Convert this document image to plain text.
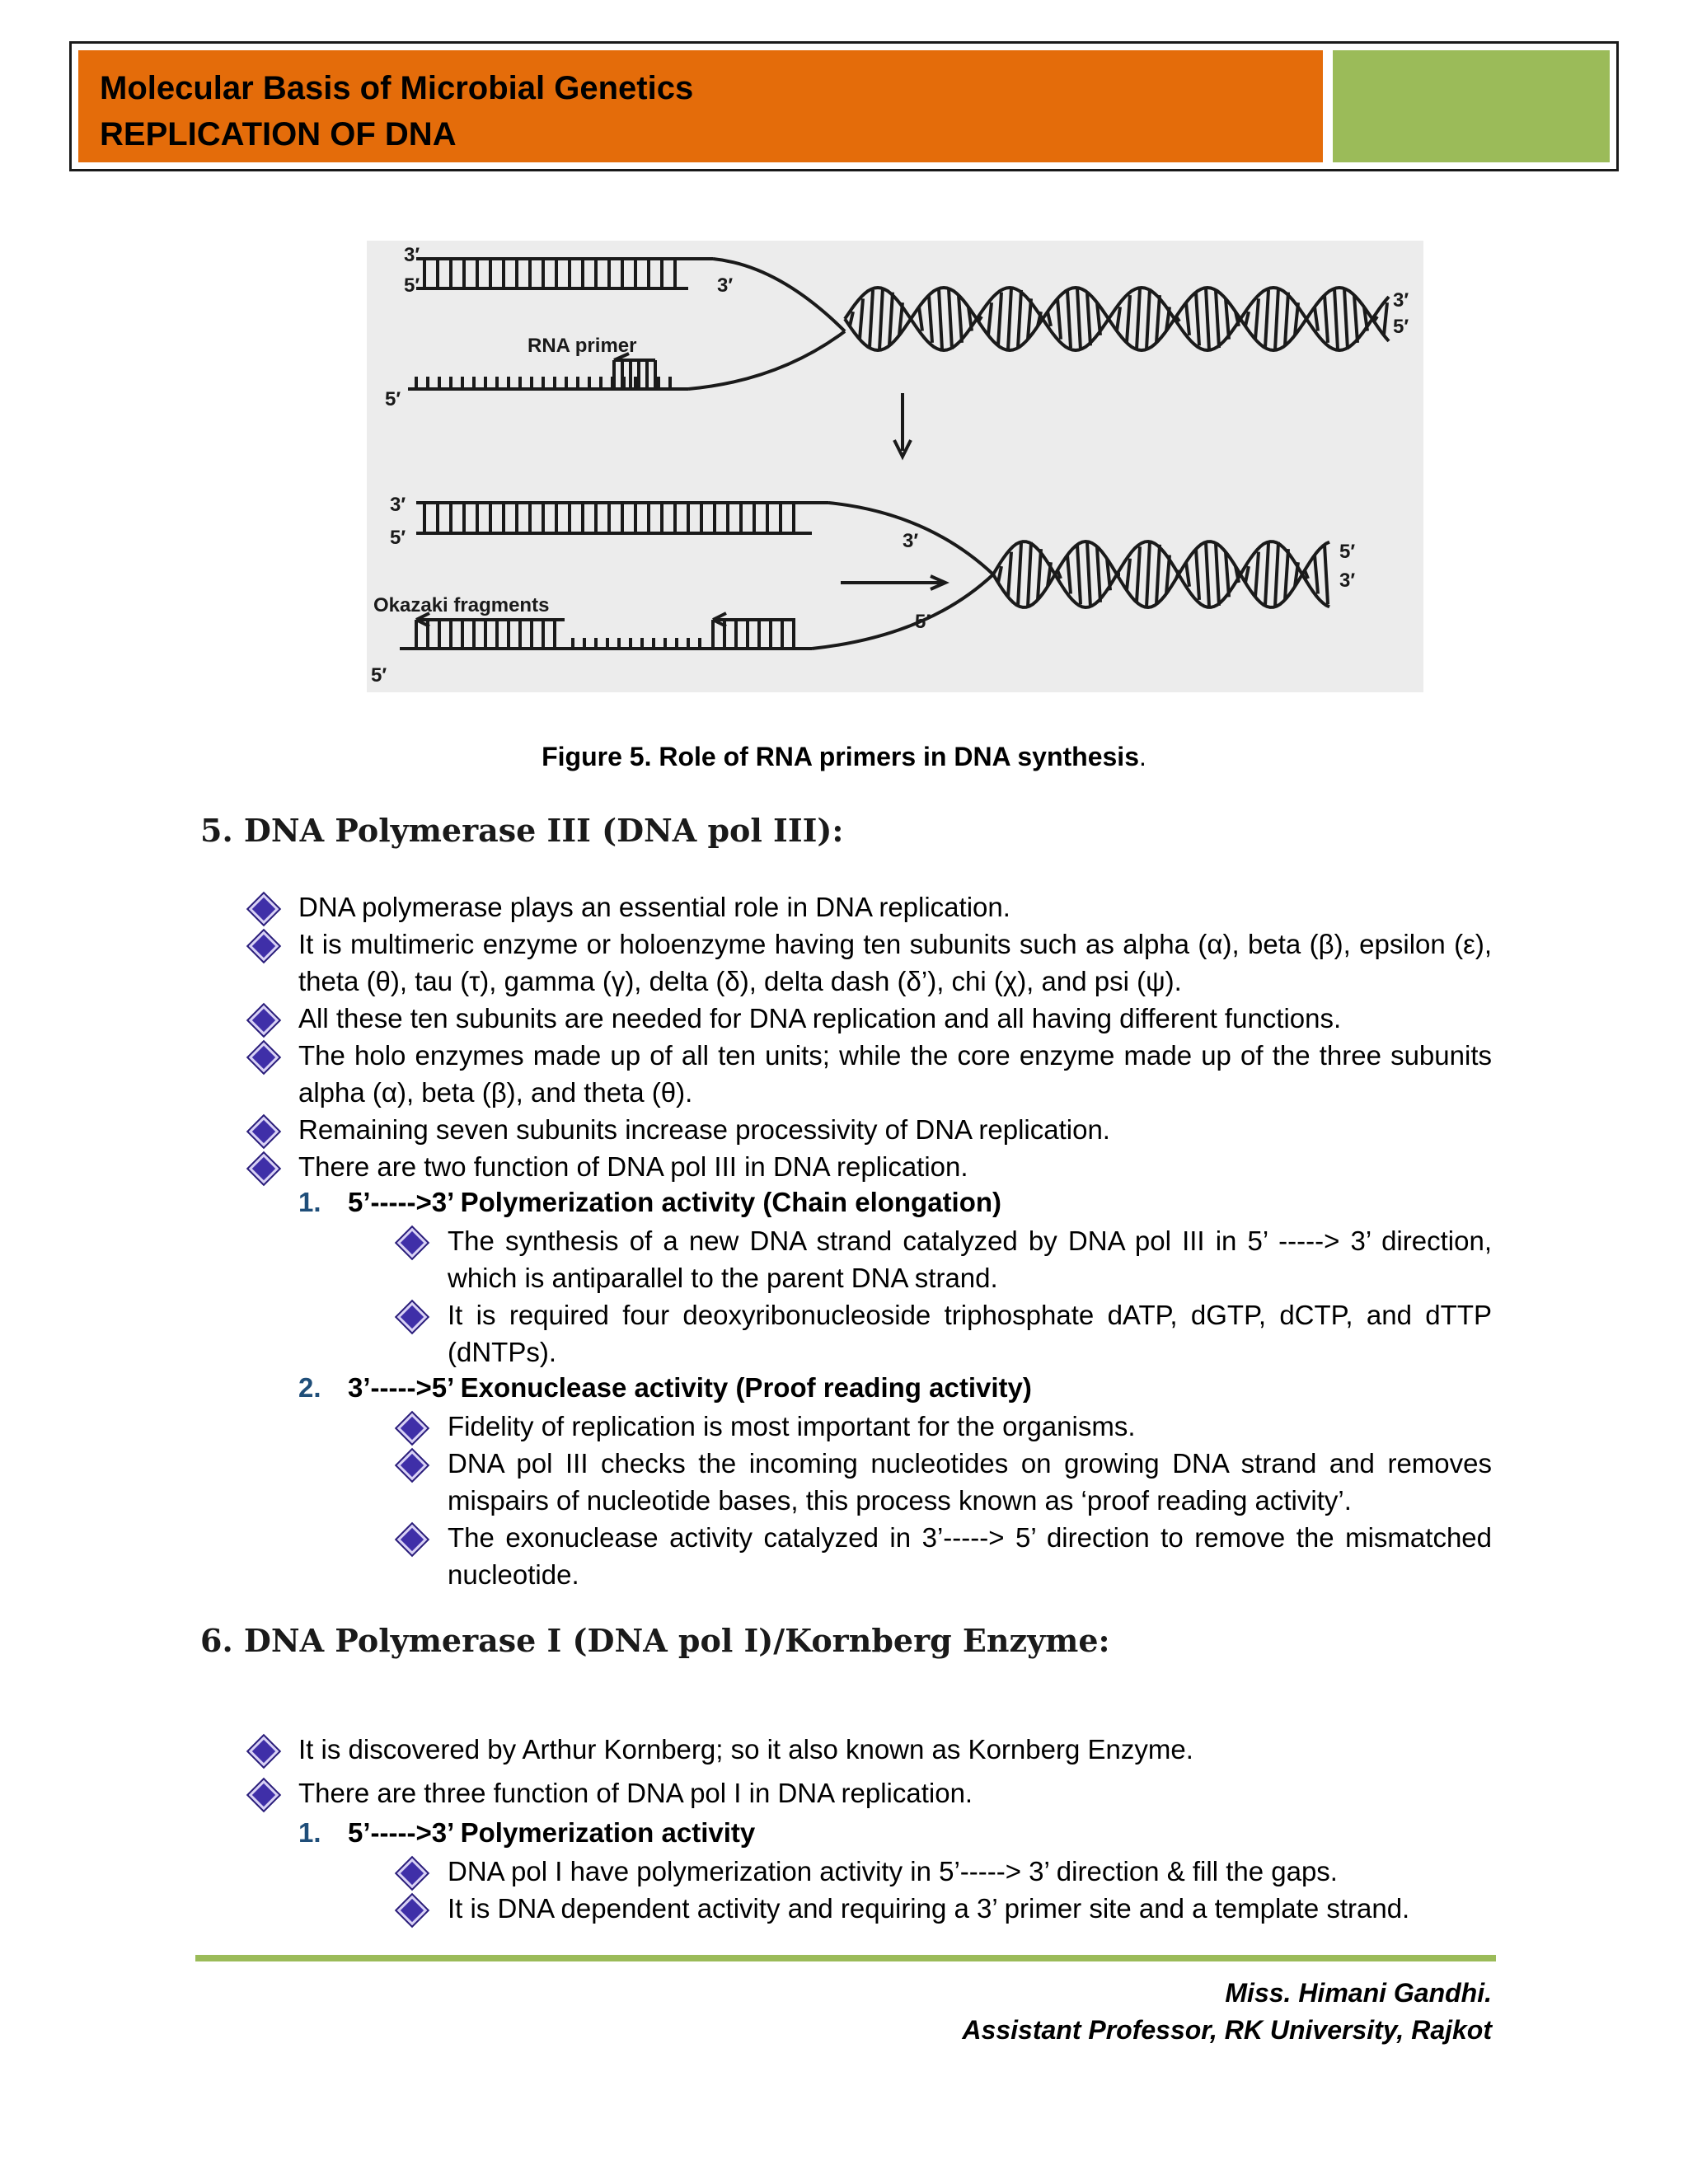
Molecular Basis of Microbial Genetics
REPLICATION OF DNA
3′
5′	3′
RNA primer
5′
3′
5′
3′
5′	3′	5′
3′
Okazaki fragments
5′
5′
Figure 5. Role of RNA primers in DNA synthesis.
5. DNA Polymerase III (DNA pol III):
DNA polymerase plays an essential role in DNA replication.
It is multimeric enzyme or holoenzyme having ten subunits such as alpha (α), beta (β), epsilon (ε), theta (θ), tau (τ), gamma (γ), delta (δ), delta dash (δ’), chi (χ), and psi (ψ).
All these ten subunits are needed for DNA replication and all having different functions.
The holo enzymes made up of all ten units; while the core enzyme made up of the three subunits alpha (α), beta (β), and theta (θ).
Remaining seven subunits increase processivity of DNA replication.
There are two function of DNA pol III in DNA replication.
1. 5’----->3’ Polymerization activity (Chain elongation)
The synthesis of a new DNA strand catalyzed by DNA pol III in 5’ -----> 3’ direction, which is antiparallel to the parent DNA strand.
It is required four deoxyribonucleoside triphosphate dATP, dGTP, dCTP, and dTTP (dNTPs).
2. 3’----->5’ Exonuclease activity (Proof reading activity)
Fidelity of replication is most important for the organisms.
DNA pol III checks the incoming nucleotides on growing DNA strand and removes mispairs of nucleotide bases, this process known as ‘proof reading activity’.
The exonuclease activity catalyzed in 3’-----> 5’ direction to remove the mismatched nucleotide.
6. DNA Polymerase I (DNA pol I)/Kornberg Enzyme:
It is discovered by Arthur Kornberg; so it also known as Kornberg Enzyme.
There are three function of DNA pol I in DNA replication.
1. 5’----->3’ Polymerization activity
DNA pol I have polymerization activity in 5’-----> 3’ direction & fill the gaps.
It is DNA dependent activity and requiring a 3’ primer site and a template strand.
Miss. Himani Gandhi.
Assistant Professor, RK University, Rajkot
